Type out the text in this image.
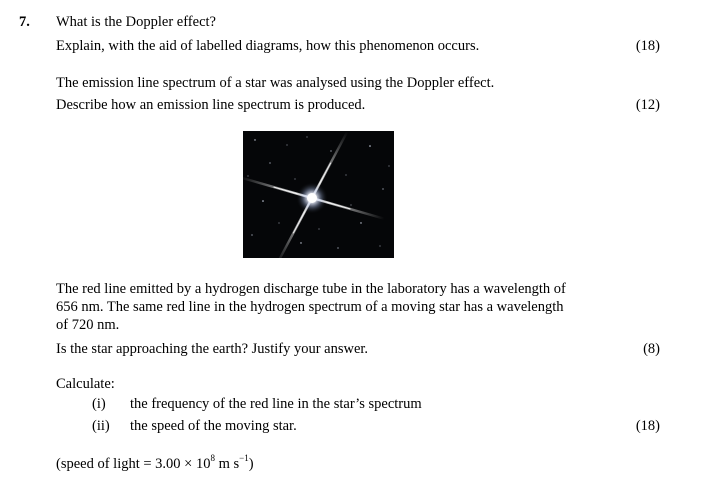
7. What is the Doppler effect?
Explain, with the aid of labelled diagrams, how this phenomenon occurs.	(18)
The emission line spectrum of a star was analysed using the Doppler effect.
Describe how an emission line spectrum is produced.	(12)
The red line emitted by a hydrogen discharge tube in the laboratory has a wavelength of
656 nm. The same red line in the hydrogen spectrum of a moving star has a wavelength
of 720 nm.
Is the star approaching the earth? Justify your answer.	(8)
Calculate:
(i) the frequency of the red line in the star’s spectrum
(ii) the speed of the moving star.	(18)
(speed of light = $3.00 \times 10^8$ m $s^{-1}$)
